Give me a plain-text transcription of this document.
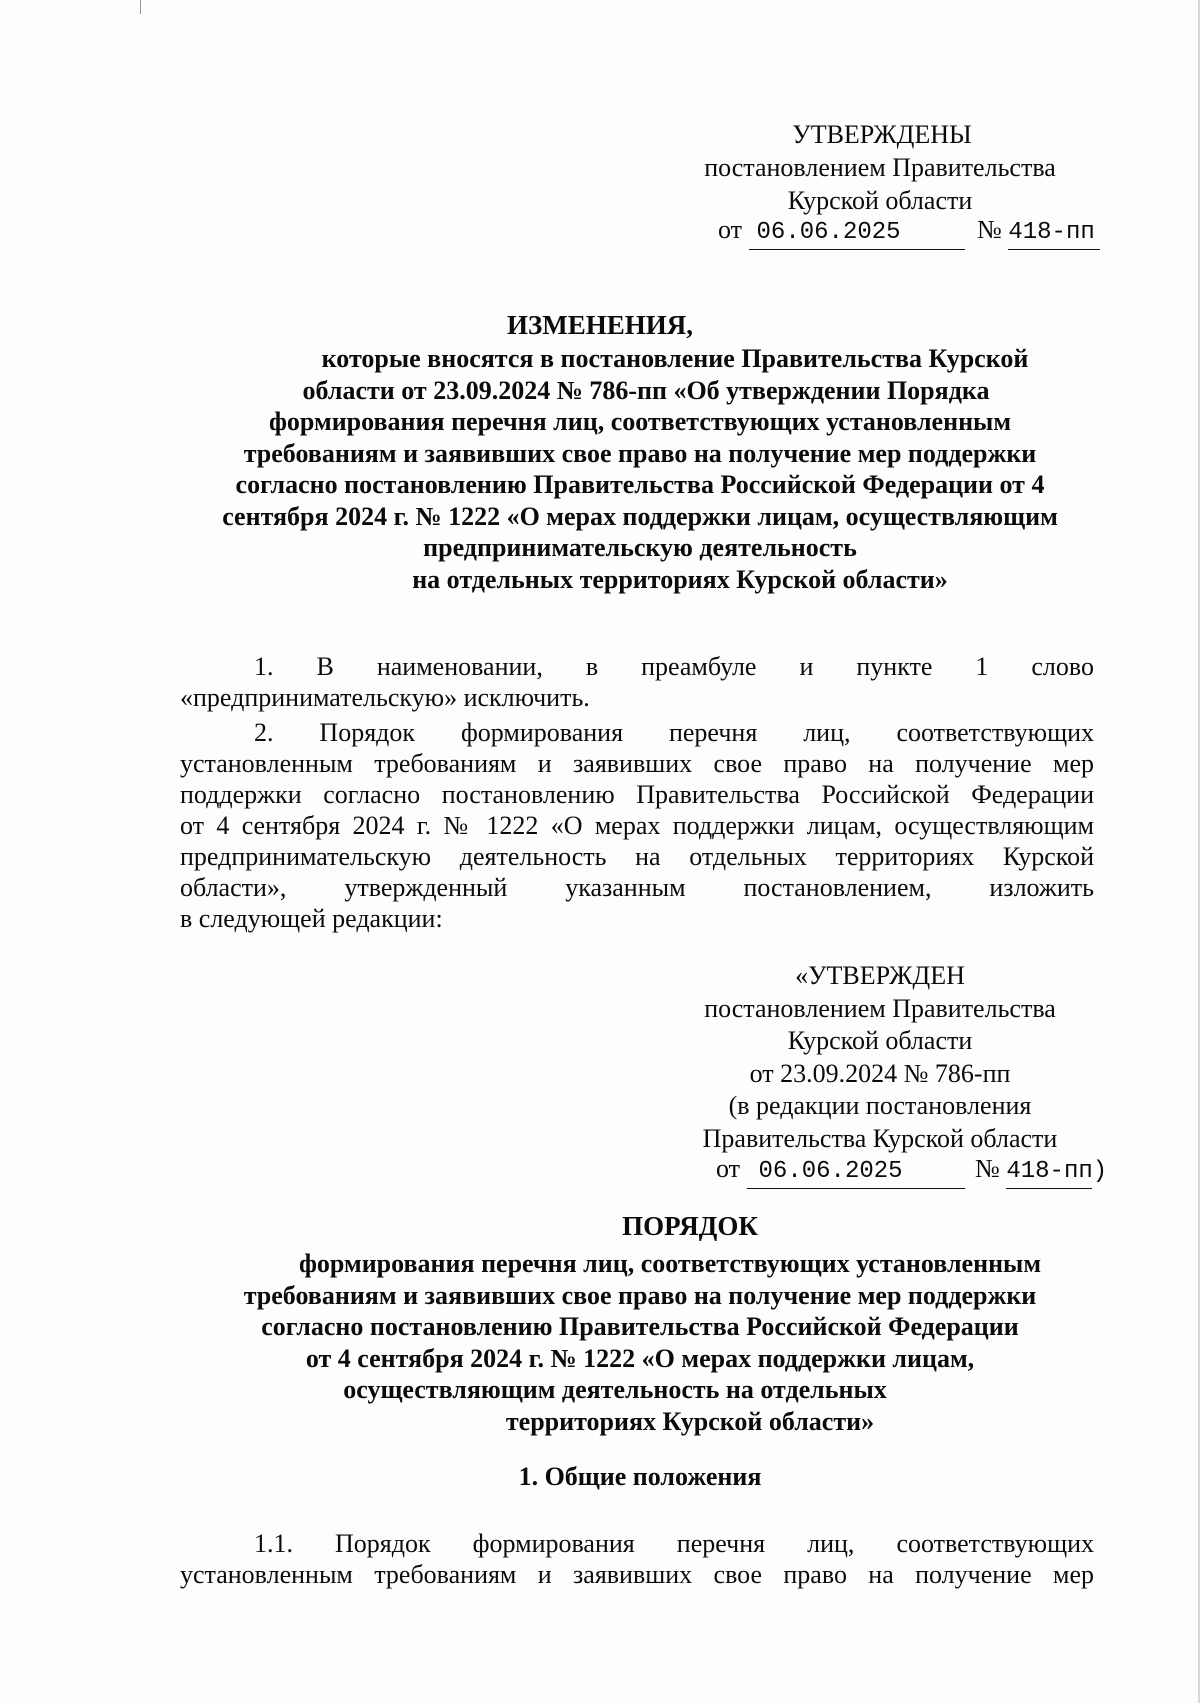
УТВЕРЖДЕНЫ
постановлением Правительства
Курской области
от 06.06.2025	№ 418-пп
ИЗМЕНЕНИЯ,
которые вносятся в постановление Правительства Курской
области от 23.09.2024 № 786-пп «Об утверждении Порядка
формирования перечня лиц, соответствующих установленным
требованиям и заявивших свое право на получение мер поддержки
согласно постановлению Правительства Российской Федерации от 4
сентября 2024 г. № 1222 «О мерах поддержки лицам, осуществляющим
предпринимательскую деятельность
на отдельных территориях Курской области»
1. В наименовании, в преамбуле и пункте 1 слово
«предпринимательскую» исключить.
2. Порядок формирования перечня лиц, соответствующих
установленным требованиям и заявивших свое право на получение мер
поддержки согласно постановлению Правительства Российской Федерации
от 4 сентября 2024 г. № 1222 «О мерах поддержки лицам, осуществляющим
предпринимательскую деятельность на отдельных территориях Курской
области», утвержденный указанным постановлением, изложить
в следующей редакции:
«УТВЕРЖДЕН
постановлением Правительства
Курской области
от 23.09.2024 № 786-пп
(в редакции постановления
Правительства Курской области
от 06.06.2025	№ 418-пп)
ПОРЯДОК
формирования перечня лиц, соответствующих установленным
требованиям и заявивших свое право на получение мер поддержки
согласно постановлению Правительства Российской Федерации
от 4 сентября 2024 г. № 1222 «О мерах поддержки лицам,
осуществляющим деятельность на отдельных
территориях Курской области»
1. Общие положения
1.1. Порядок формирования перечня лиц, соответствующих
установленным требованиям и заявивших свое право на получение мер
